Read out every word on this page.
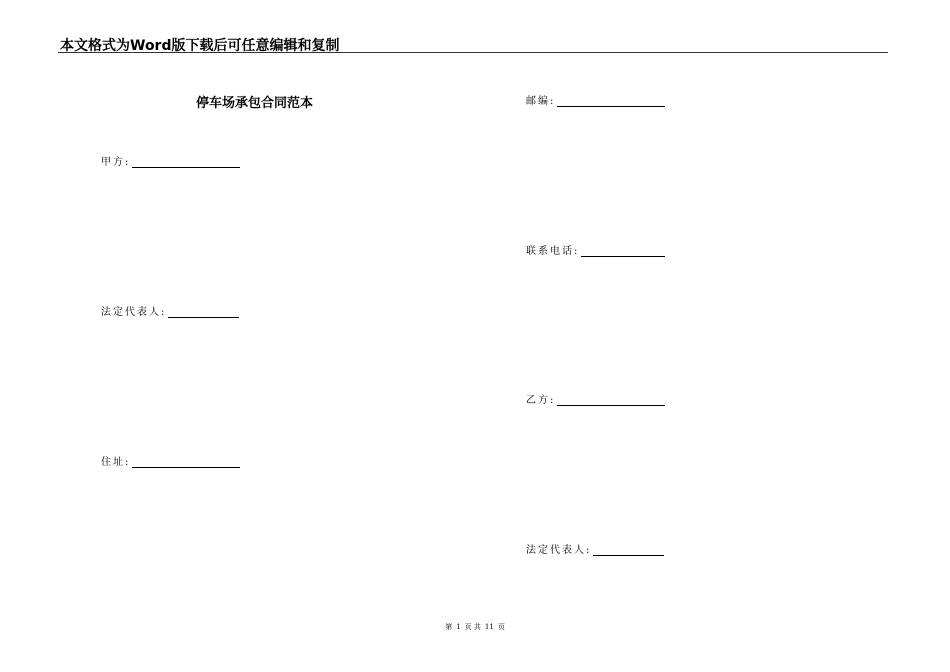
本文格式为Word版下载后可任意编辑和复制
停车场承包合同范本
甲方:
法定代表人:
住址:
邮编:
联系电话:
乙方:
法定代表人:
第 1 页 共 11 页
